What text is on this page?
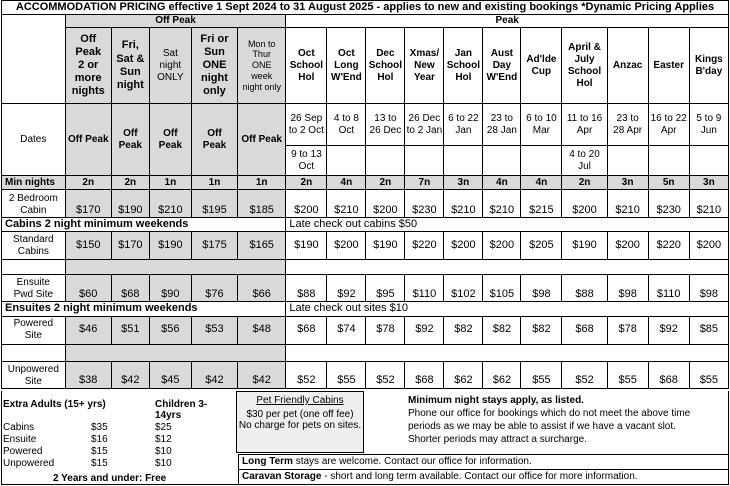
ACCOMMODATION PRICING effective 1 Sept 2024 to 31 August 2025 - applies to new and existing bookings *Dynamic Pricing Applies																
	Off Peak					Peak										
	Off
Peak
2 or
more
nights	Fri,
Sat &
Sun
night	Sat
night
ONLY	Fri or
Sun
ONE
night
only	Mon to
Thur
ONE
week
night only	Oct
School
Hol	Oct
Long
W'End	Dec
School
Hol	Xmas/
New
Year	Jan
School
Hol	Aust
Day
W'End	Ad'lde
Cup	April &
July
School
Hol	Anzac	Easter	Kings
B'day
Dates	Off Peak	Off
Peak	Off
Peak	Off
Peak	Off Peak	26 Sep
to 2 Oct	4 to 8
Oct	13 to
26 Dec	26 Dec
to 2 Jan	6 to 22
Jan	23 to
28 Jan	6 to 10
Mar	11 to 16
Apr	23 to
28 Apr	16 to 22
Apr	5 to 9
Jun
						9 to 13
Oct							4 to 20
Jul			
Min nights	2n	2n	1n	1n	1n	2n	4n	2n	7n	3n	4n	4n	2n	3n	5n	3n
2 Bedroom
Cabin	$170	$190	$210	$195	$185	$200	$210	$200	$230	$210	$210	$215	$200	$210	$230	$210
Cabins 2 night minimum weekends						Late check out cabins $50										
Standard
Cabins	$150	$170	$190	$175	$165	$190	$200	$190	$220	$200	$200	$205	$190	$200	$220	$200

Ensuite
Pwd Site	$60	$68	$90	$76	$66	$88	$92	$95	$110	$102	$105	$98	$88	$98	$110	$98
Ensuites 2 night minimum weekends						Late check out sites $10										
Powered
Site	$46	$51	$56	$53	$48	$68	$74	$78	$92	$82	$82	$82	$68	$78	$92	$85

Unpowered
Site	$38	$42	$45	$42	$42	$52	$55	$52	$68	$62	$62	$55	$52	$55	$68	$55
Extra Adults (15+ yrs)	Children 3-14yrs
Cabins	$35	$25
Ensuite	$16	$12
Powered	$15	$10
Unpowered	$15	$10
2 Years and under: Free
Pet Friendly Cabins
$30 per pet (one off fee)
No charge for pets on sites.
Minimum night stays apply, as listed.
Phone our office for bookings which do not meet the above time
periods as we may be able to assist if we have a vacant slot.
Shorter periods may attract a surcharge.
Long Term stays are welcome. Contact our office for information.
Caravan Storage - short and long term available. Contact our office for more information.
